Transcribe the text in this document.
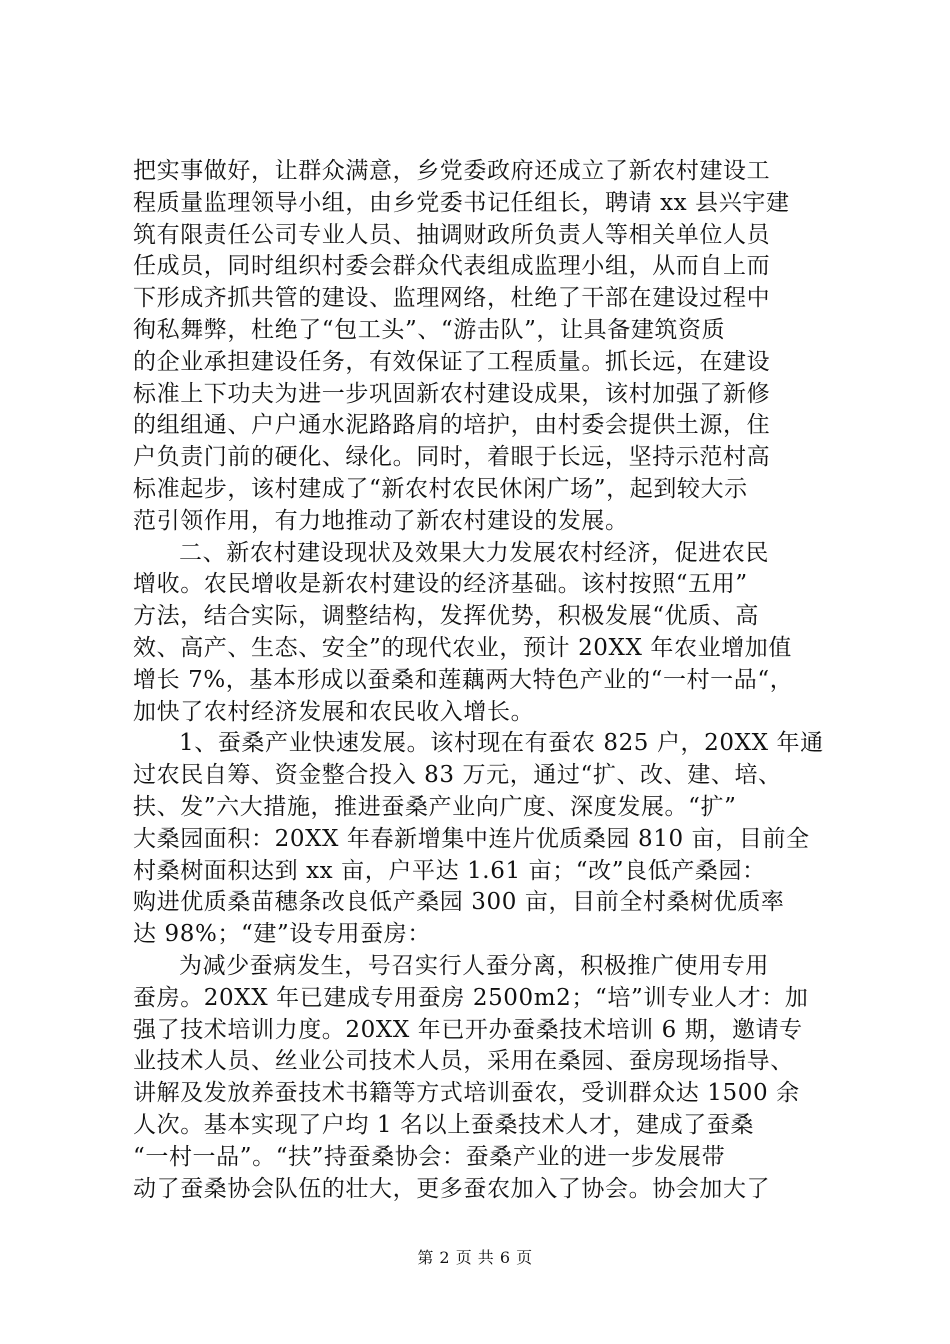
把实事做好，让群众满意，乡党委政府还成立了新农村建设工
程质量监理领导小组，由乡党委书记任组长，聘请 xx 县兴宇建
筑有限责任公司专业人员、抽调财政所负责人等相关单位人员
任成员，同时组织村委会群众代表组成监理小组，从而自上而
下形成齐抓共管的建设、监理网络，杜绝了干部在建设过程中
徇私舞弊，杜绝了“包工头”、“游击队”，让具备建筑资质
的企业承担建设任务，有效保证了工程质量。抓长远，在建设
标准上下功夫为进一步巩固新农村建设成果，该村加强了新修
的组组通、户户通水泥路路肩的培护，由村委会提供土源，住
户负责门前的硬化、绿化。同时，着眼于长远，坚持示范村高
标准起步，该村建成了“新农村农民休闲广场”，起到较大示
范引领作用，有力地推动了新农村建设的发展。
二、新农村建设现状及效果大力发展农村经济，促进农民
增收。农民增收是新农村建设的经济基础。该村按照“五用”
方法，结合实际，调整结构，发挥优势，积极发展“优质、高
效、高产、生态、安全”的现代农业，预计 20XX 年农业增加值
增长 7%，基本形成以蚕桑和莲藕两大特色产业的“一村一品“，
加快了农村经济发展和农民收入增长。
1、蚕桑产业快速发展。该村现在有蚕农 825 户，20XX 年通
过农民自筹、资金整合投入 83 万元，通过“扩、改、建、培、
扶、发”六大措施，推进蚕桑产业向广度、深度发展。“扩”
大桑园面积：20XX 年春新增集中连片优质桑园 810 亩，目前全
村桑树面积达到 xx 亩，户平达 1.61 亩；“改”良低产桑园：
购进优质桑苗穗条改良低产桑园 300 亩，目前全村桑树优质率
达 98%；“建”设专用蚕房：
为减少蚕病发生，号召实行人蚕分离，积极推广使用专用
蚕房。20XX 年已建成专用蚕房 2500m2；“培”训专业人才：加
强了技术培训力度。20XX 年已开办蚕桑技术培训 6 期，邀请专
业技术人员、丝业公司技术人员，采用在桑园、蚕房现场指导、
讲解及发放养蚕技术书籍等方式培训蚕农，受训群众达 1500 余
人次。基本实现了户均 1 名以上蚕桑技术人才，建成了蚕桑
“一村一品”。“扶”持蚕桑协会：蚕桑产业的进一步发展带
动了蚕桑协会队伍的壮大，更多蚕农加入了协会。协会加大了
第 2 页 共 6 页
